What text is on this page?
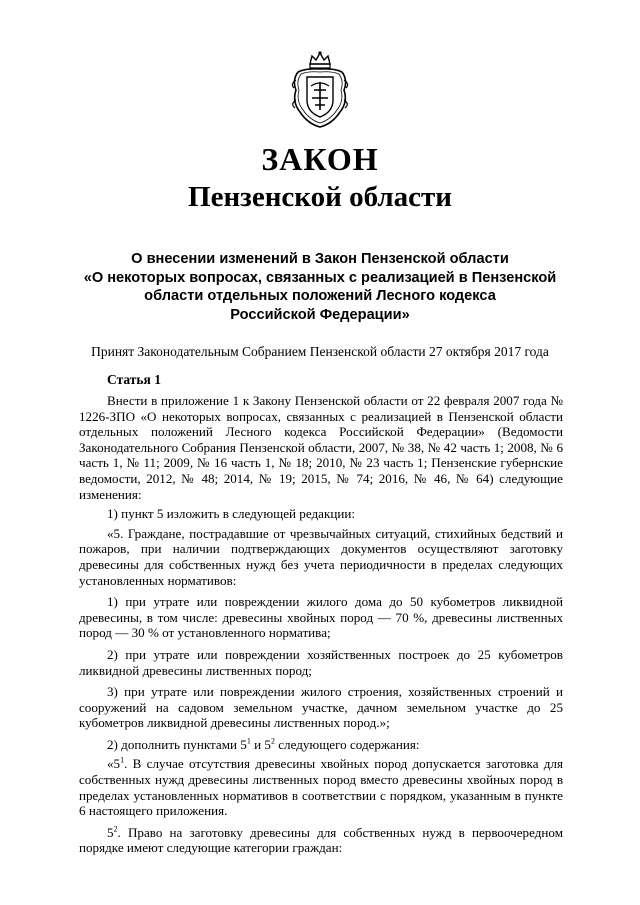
ЗАКОН
Пензенской области
О внесении изменений в Закон Пензенской области
«О некоторых вопросах, связанных с реализацией в Пензенской
области отдельных положений Лесного кодекса
Российской Федерации»
Принят Законодательным Собранием Пензенской области 27 октября 2017 года
Статья 1

Внести в приложение 1 к Закону Пензенской области от 22 февраля 2007 года № 1226-ЗПО «О некоторых вопросах, связанных с реализацией в Пензенской области отдельных положений Лесного кодекса Российской Федерации» (Ведомости Законодательного Собрания Пензенской области, 2007, № 38, № 42 часть 1; 2008, № 6 часть 1, № 11; 2009, № 16 часть 1, № 18; 2010, № 23 часть 1; Пензенские губернские ведомости, 2012, № 48; 2014, № 19; 2015, № 74; 2016, № 46, № 64) следующие изменения:

1) пункт 5 изложить в следующей редакции:

«5. Граждане, пострадавшие от чрезвычайных ситуаций, стихийных бедствий и пожаров, при наличии подтверждающих документов осуществляют заготовку древесины для собственных нужд без учета периодичности в пределах следующих установленных нормативов:

1) при утрате или повреждении жилого дома до 50 кубометров ликвидной древесины, в том числе: древесины хвойных пород — 70 %, древесины лиственных пород — 30 % от установленного норматива;

2) при утрате или повреждении хозяйственных построек до 25 кубометров ликвидной древесины лиственных пород;

3) при утрате или повреждении жилого строения, хозяйственных строений и сооружений на садовом земельном участке, дачном земельном участке до 25 кубометров ликвидной древесины лиственных пород.»;

2) дополнить пунктами $5^1$ и $5^2$ следующего содержания:

«$5^1$. В случае отсутствия древесины хвойных пород допускается заготовка для собственных нужд древесины лиственных пород вместо древесины хвойных пород в пределах установленных нормативов в соответствии с порядком, указанным в пункте 6 настоящего приложения.

$5^2$. Право на заготовку древесины для собственных нужд в первоочередном порядке имеют следующие категории граждан:
